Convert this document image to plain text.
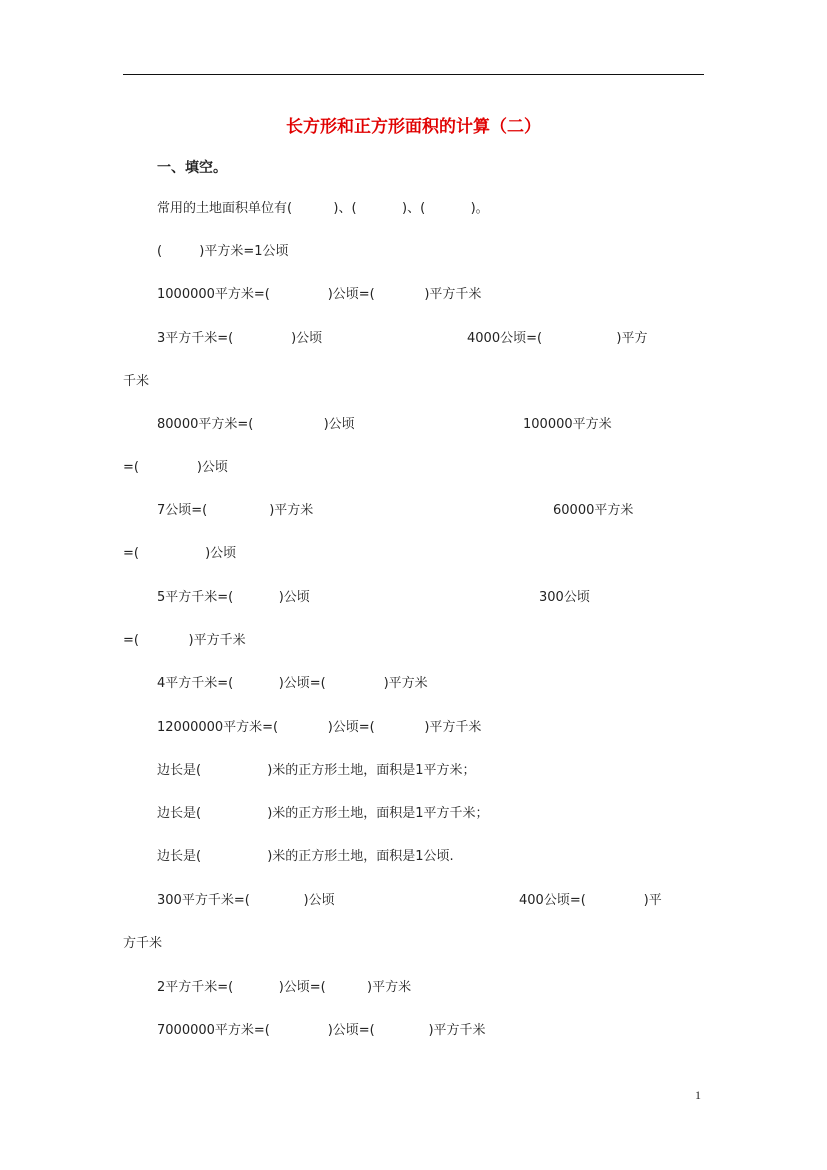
长方形和正方形面积的计算（二）
一、填空。
常用的土地面积单位有(          )、(           )、(           )。
(         )平方米=1公顷
1000000平方米=(              )公顷=(            )平方千米
3平方千米=(              )公顷	4000公顷=(                  )平方
千米
80000平方米=(                 )公顷	100000平方米
=(              )公顷
7公顷=(               )平方米	60000平方米
=(                )公顷
5平方千米=(           )公顷	300公顷
=(            )平方千米
4平方千米=(           )公顷=(              )平方米
12000000平方米=(            )公顷=(            )平方千米
边长是(                )米的正方形土地，面积是1平方米；
边长是(                )米的正方形土地，面积是1平方千米；
边长是(                )米的正方形土地，面积是1公顷.
300平方千米=(             )公顷	400公顷=(              )平
方千米
2平方千米=(           )公顷=(          )平方米
7000000平方米=(              )公顷=(             )平方千米
1
